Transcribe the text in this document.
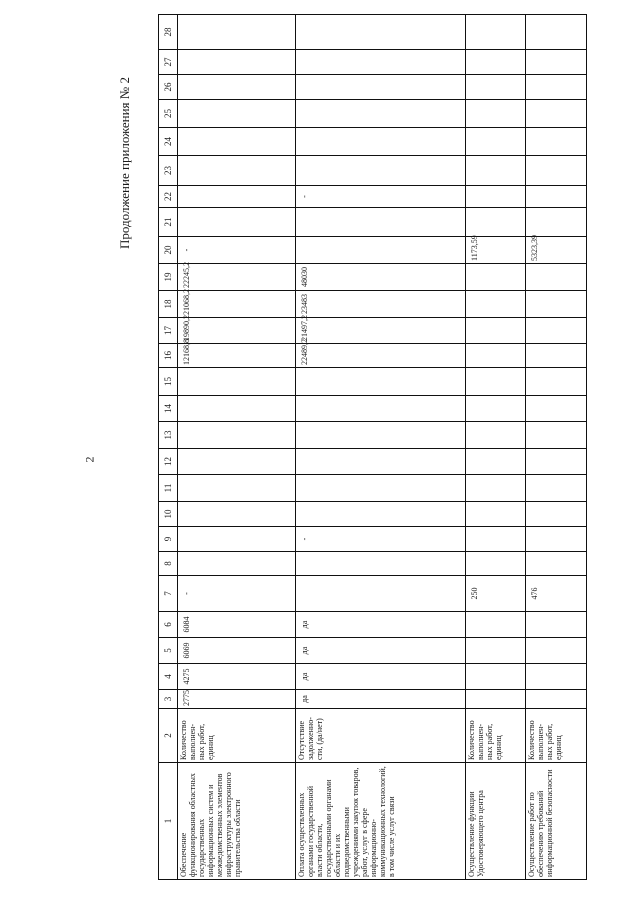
2
Продолжение приложения № 2
1	2	3	4	5	6	7	8	9	10	11	12	13	14	15	16	17	18	19	20	21	22	23	24	25	26	27	28
Обеспечение функционирования областных государственных информационных систем и межведомственных элементов инфраструктуры электронного правительства области	Количество выполнен-ных работ, единиц	2775	4275	6069	6084	-									12168,8	19890,2	21068,2	22245,2	-								
Оплата осуществленных органами государственной власти области, государственными органами области и их подведомственными учреждениями закупок товаров, работ, услуг в сфере информационно-коммуникационных технологий, в том числе услуг связи	Отсутствие задолженно-сти, (да/нет)	да	да	да	да			-							22489,2	21497,2	23483	48030			-						
Осуществление функции Удостоверяющего центра	Количество выполнен-ных работ, единиц					250													1173,59								
Осуществление работ по обеспечению требований информационной безопасности	Количество выполнен-ных работ, единиц					476													5323,39								
